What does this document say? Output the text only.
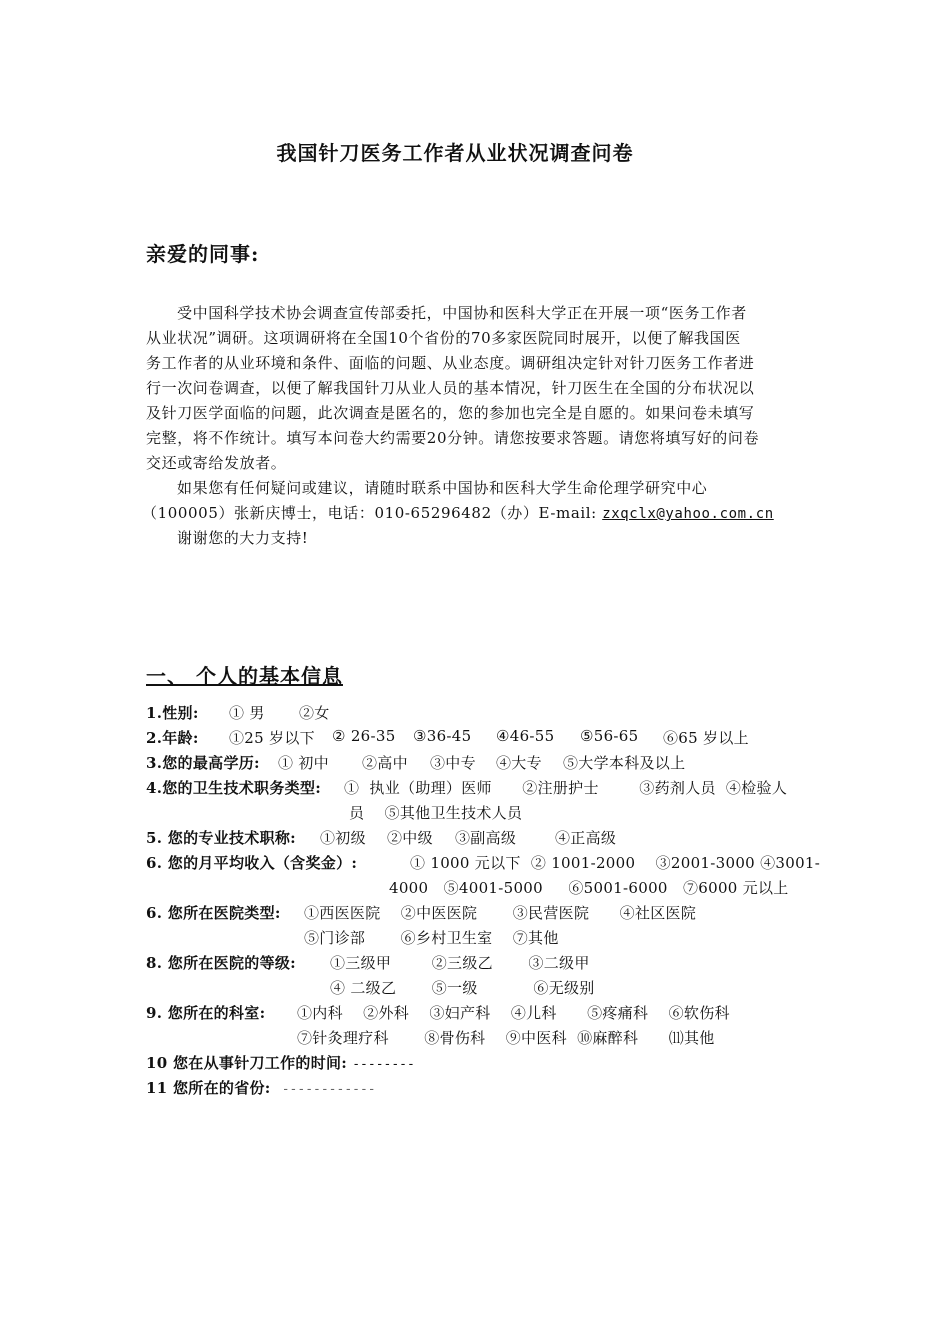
我国针刀医务工作者从业状况调查问卷
亲爱的同事:
受中国科学技术协会调查宣传部委托，中国协和医科大学正在开展一项“医务工作者
从业状况”调研。这项调研将在全国10个省份的70多家医院同时展开，以便了解我国医
务工作者的从业环境和条件、面临的问题、从业态度。调研组决定针对针刀医务工作者进
行一次问卷调查，以便了解我国针刀从业人员的基本情况，针刀医生在全国的分布状况以
及针刀医学面临的问题，此次调查是匿名的，您的参加也完全是自愿的。如果问卷未填写
完整，将不作统计。填写本问卷大约需要20分钟。请您按要求答题。请您将填写好的问卷
交还或寄给发放者。
如果您有任何疑问或建议，请随时联系中国协和医科大学生命伦理学研究中心
（100005）张新庆博士，电话：010-65296482（办）E-mail: zxqclx@yahoo.com.cn
谢谢您的大力支持!
一、 个人的基本信息
1.性别: ① 男 ②女
2.年龄: ①25 岁以下 ② 26-35 ③36-45 ④46-55 ⑤56-65 ⑥65 岁以上
3.您的最高学历: ① 初中 ②高中 ③中专 ④大专 ⑤大学本科及以上
4.您的卫生技术职务类型: ①  执业（助理）医师      ②注册护士        ③药剂人员  ④检验人
员    ⑤其他卫生技术人员
5. 您的专业技术职称: ①初级 ②中级 ③副高级	④正高级
6. 您的月平均收入（含奖金）:	① 1000 元以下  ② 1001-2000    ③2001-3000 ④3001-
4000   ⑤4001-5000     ⑥5001-6000   ⑦6000 元以上
6. 您所在医院类型: ①西医医院    ②中医医院       ③民营医院      ④社区医院
⑤门诊部       ⑥乡村卫生室    ⑦其他
8. 您所在医院的等级: ①三级甲        ②三级乙       ③二级甲
④ 二级乙       ⑤一级           ⑥无级别
9. 您所在的科室: ①内科    ②外科    ③妇产科    ④儿科      ⑤疼痛科    ⑥软伤科
⑦针灸理疗科       ⑧骨伤科    ⑨中医科  ⑩麻醉科      ⑾其他
10 您在从事针刀工作的时间: --------
11 您所在的省份: ------------
